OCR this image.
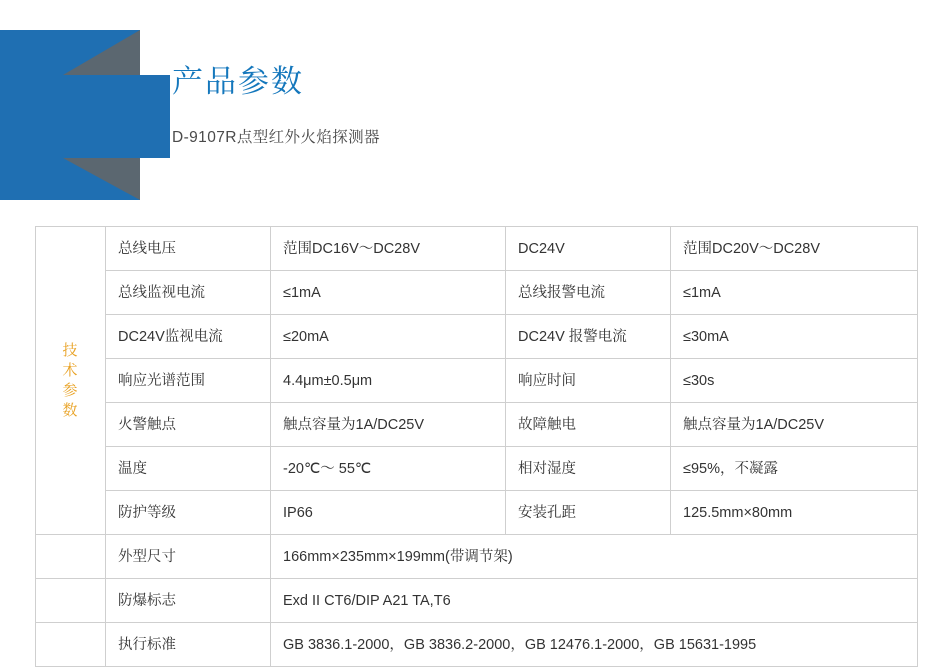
产品参数

D-9107R点型红外火焰探测器

技
术
参
数	总线电压	范围DC16V～DC28V	DC24V	范围DC20V～DC28V
	总线监视电流	≤1mA	总线报警电流	≤1mA
	DC24V监视电流	≤20mA	DC24V 报警电流	≤30mA
	响应光谱范围	4.4μm±0.5μm	响应时间	≤30s
	火警触点	触点容量为1A/DC25V	故障触电	触点容量为1A/DC25V
	温度	-20℃～ 55℃	相对湿度	≤95%，不凝露
	防护等级	IP66	安装孔距	125.5mm×80mm
	外型尺寸	166mm×235mm×199mm(带调节架)		
	防爆标志	Exd II CT6/DIP A21 TA,T6		
	执行标准	GB 3836.1-2000，GB 3836.2-2000，GB 12476.1-2000，GB 15631-1995		
